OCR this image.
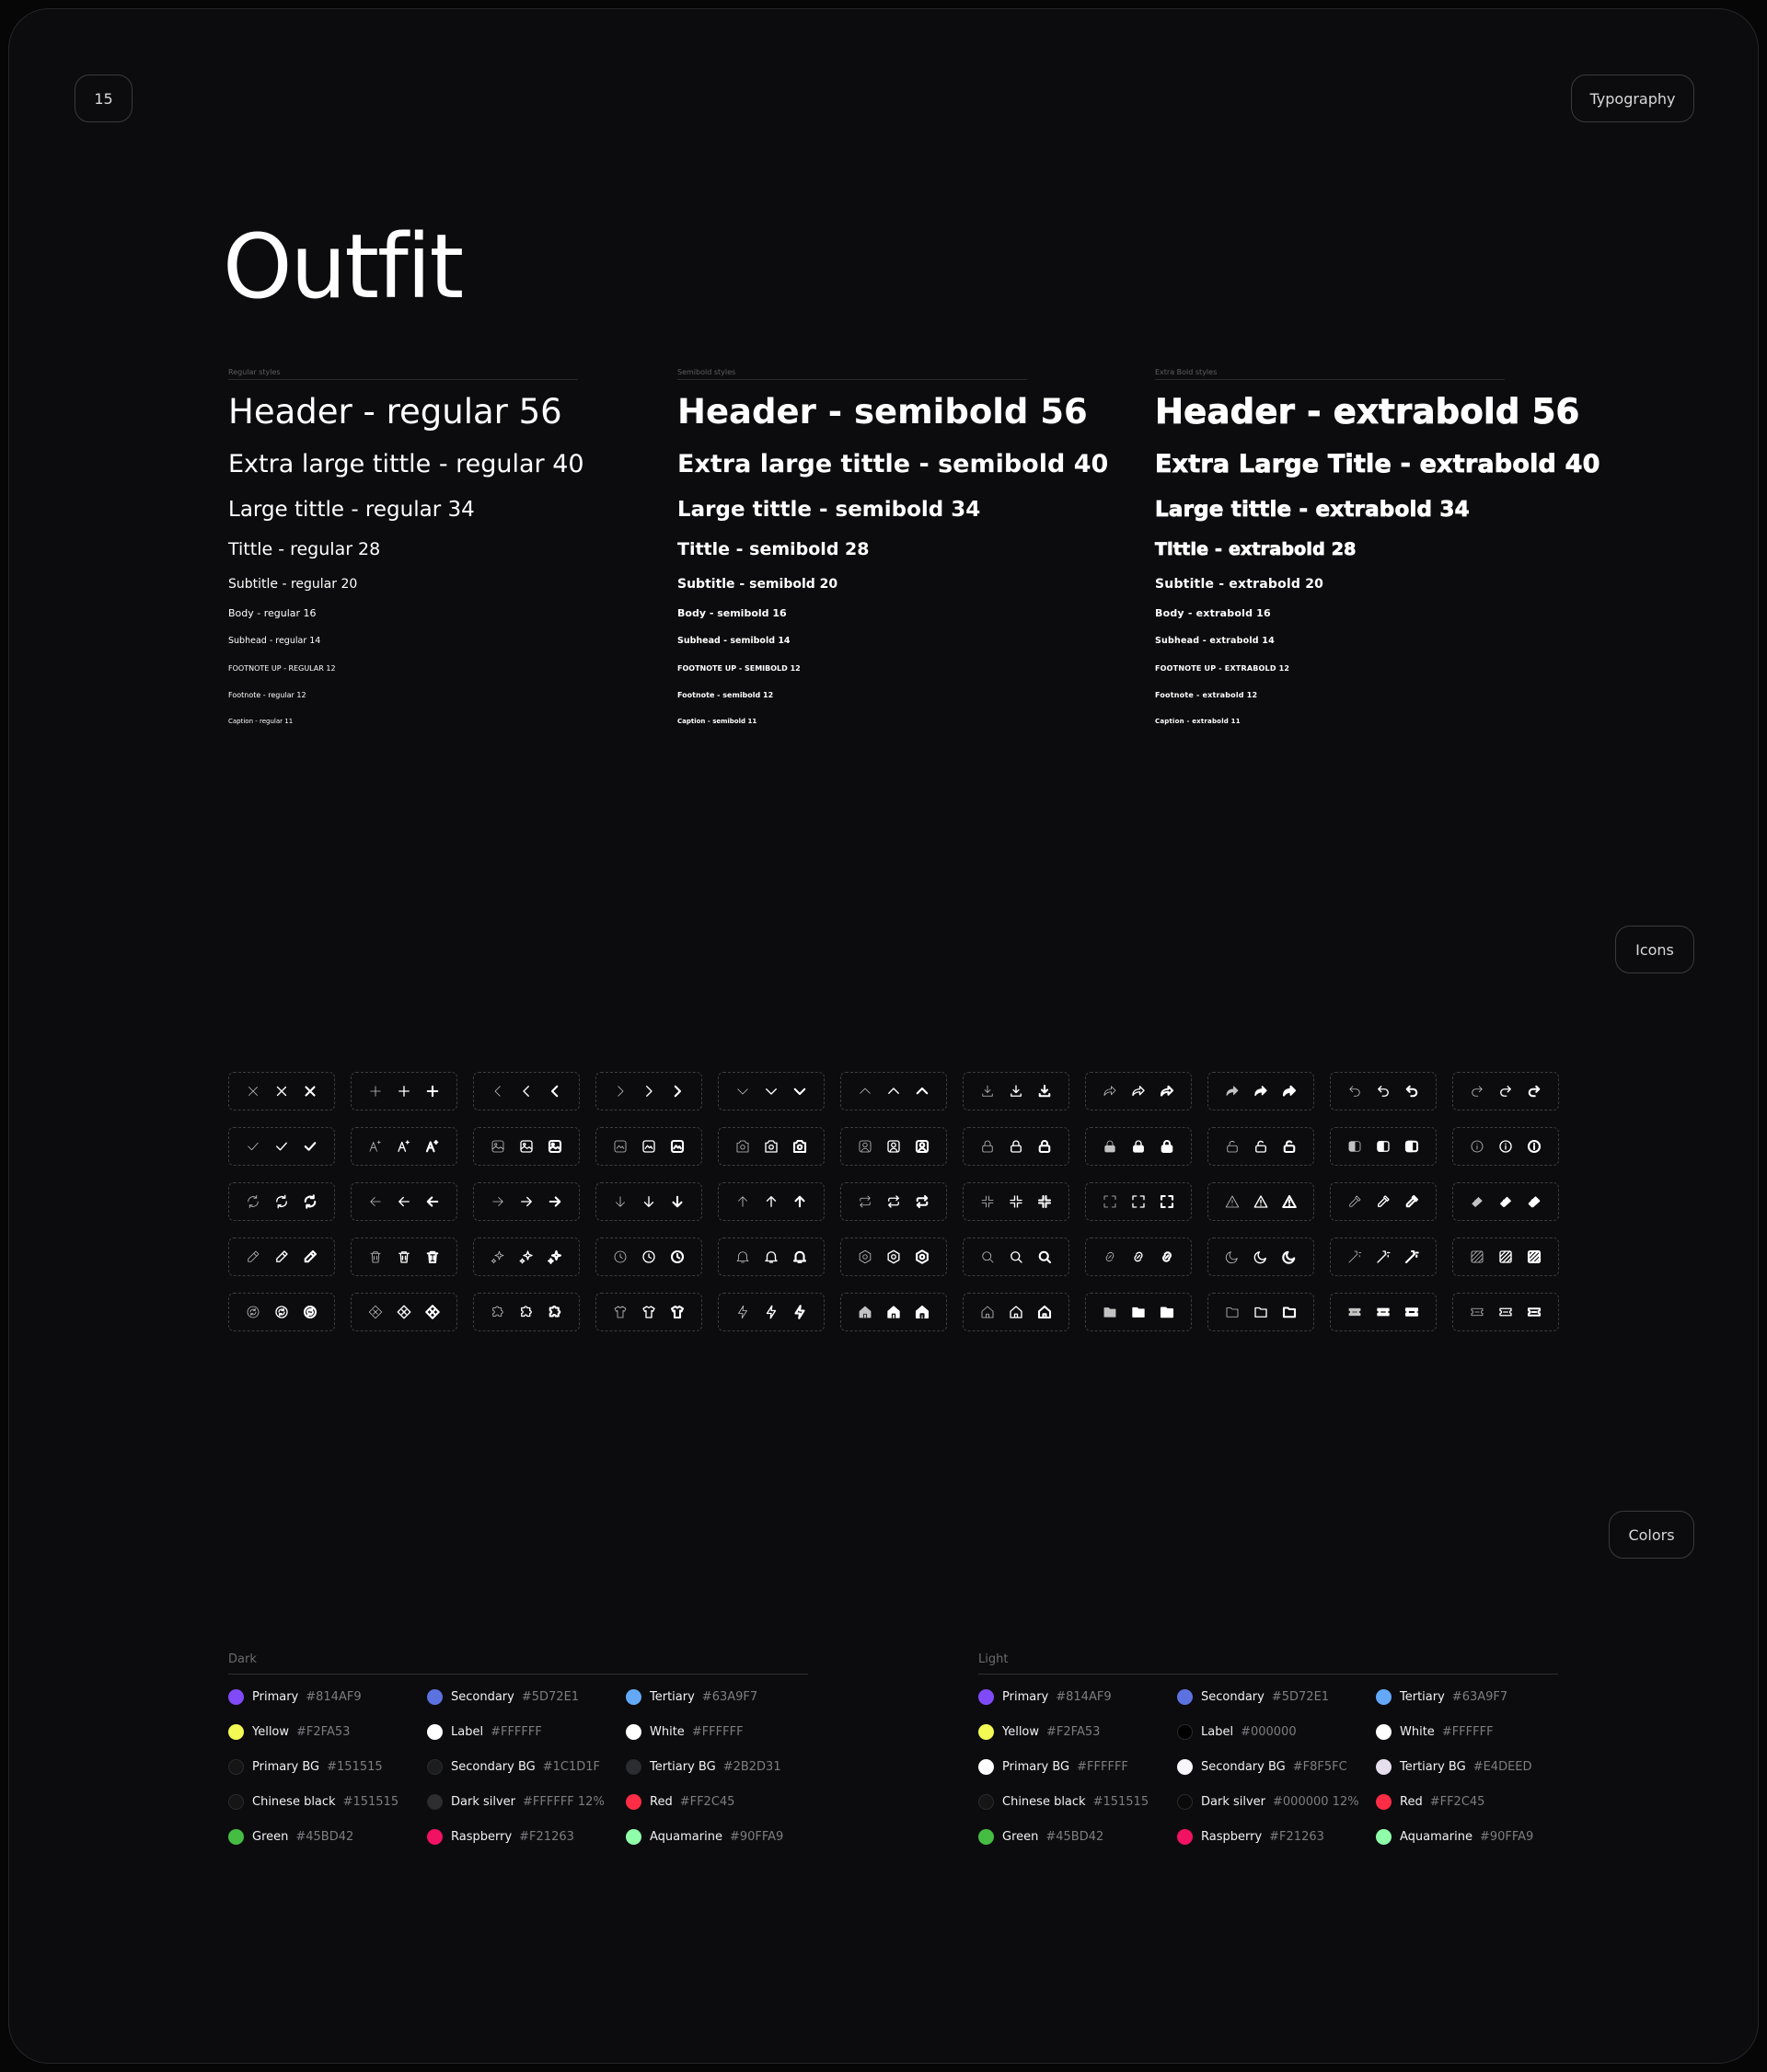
15	Typography
Outfit
Regular styles
Header - regular 56
Extra large tittle - regular 40
Large tittle - regular 34
Tittle - regular 28
Subtitle - regular 20
Body - regular 16
Subhead - regular 14
FOOTNOTE UP - REGULAR 12
Footnote - regular 12
Caption - regular 11
Semibold styles
Header - semibold 56
Extra large tittle - semibold 40
Large tittle - semibold 34
Tittle - semibold 28
Subtitle - semibold 20
Body - semibold 16
Subhead - semibold 14
FOOTNOTE UP - SEMIBOLD 12
Footnote - semibold 12
Caption - semibold 11
Extra Bold styles
Header - extrabold 56
Extra Large Title - extrabold 40
Large tittle - extrabold 34
Tittle - extrabold 28
Subtitle - extrabold 20
Body - extrabold 16
Subhead - extrabold 14
FOOTNOTE UP - EXTRABOLD 12
Footnote - extrabold 12
Caption - extrabold 11
Icons
Colors
Dark
Primary #814AF9	Secondary #5D72E1	Tertiary #63A9F7
Yellow #F2FA53	Label #FFFFFF	White #FFFFFF
Primary BG #151515	Secondary BG #1C1D1F	Tertiary BG #2B2D31
Chinese black #151515	Dark silver #FFFFFF 12%	Red #FF2C45
Green #45BD42	Raspberry #F21263	Aquamarine #90FFA9
Light
Primary #814AF9	Secondary #5D72E1	Tertiary #63A9F7
Yellow #F2FA53	Label #000000	White #FFFFFF
Primary BG #FFFFFF	Secondary BG #F8F5FC	Tertiary BG #E4DEED
Chinese black #151515	Dark silver #000000 12%	Red #FF2C45
Green #45BD42	Raspberry #F21263	Aquamarine #90FFA9
